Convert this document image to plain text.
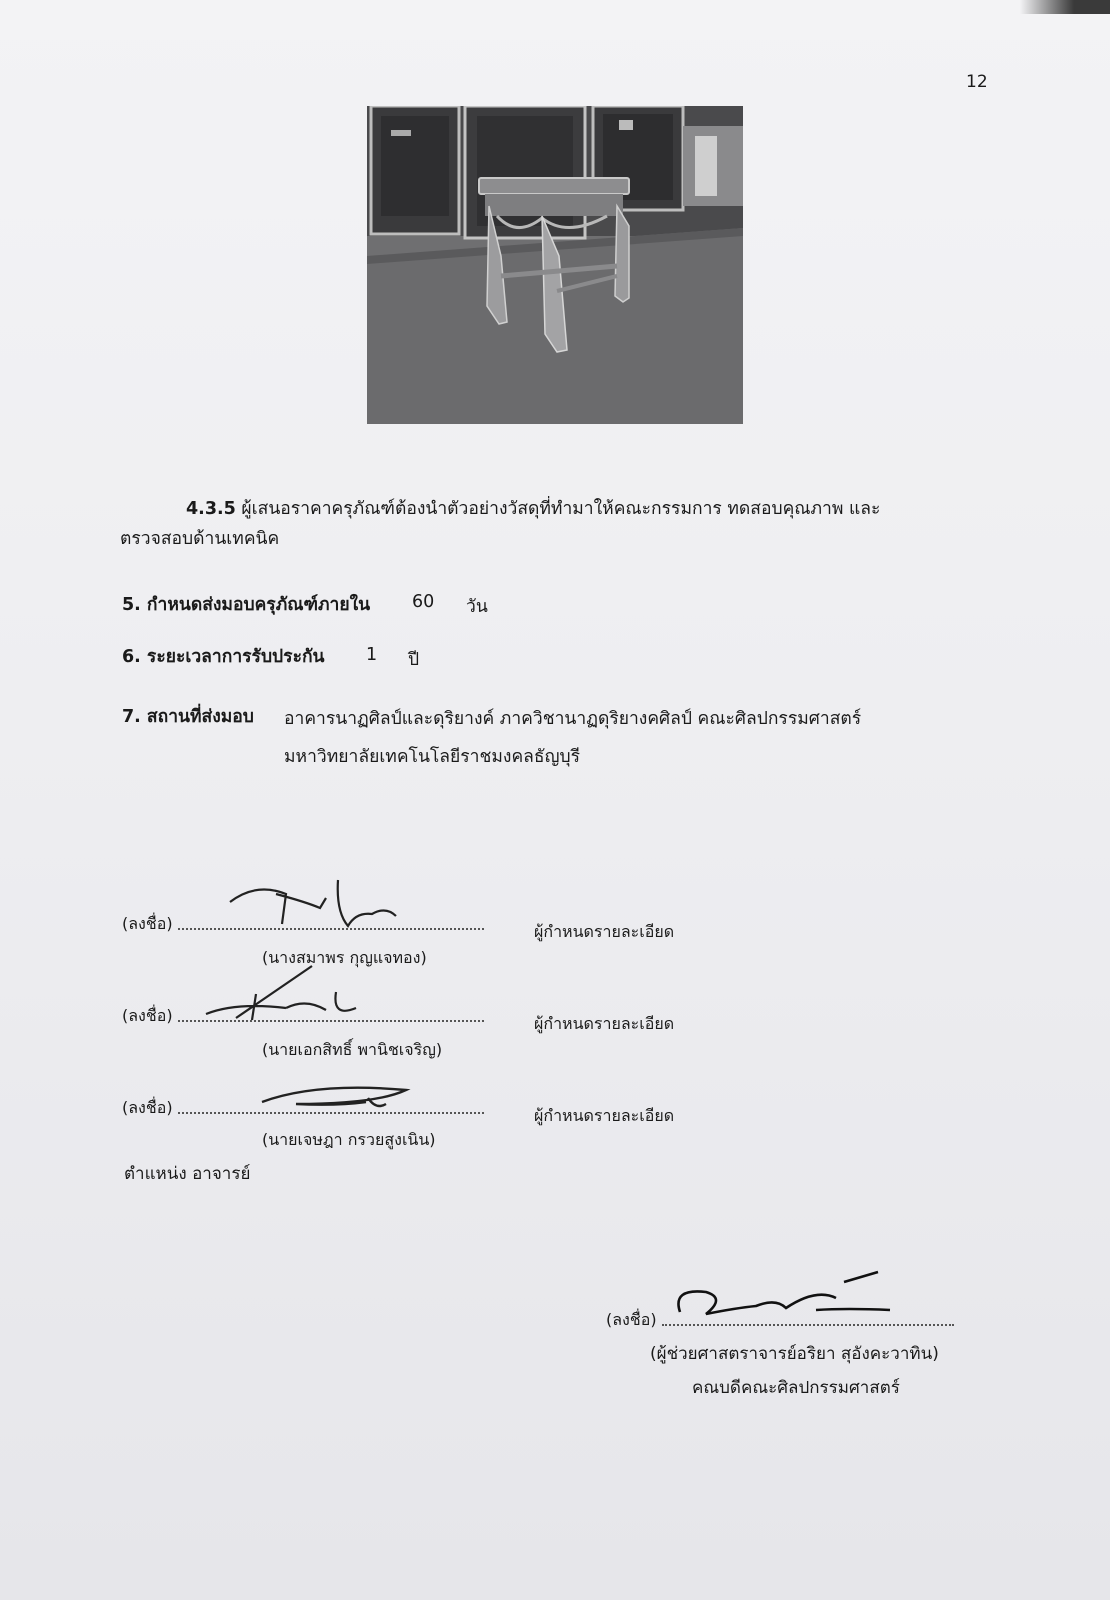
12
4.3.5 ผู้เสนอราคาครุภัณฑ์ต้องนำตัวอย่างวัสดุที่ทำมาให้คณะกรรมการ ทดสอบคุณภาพ และ
ตรวจสอบด้านเทคนิค
5. กำหนดส่งมอบครุภัณฑ์ภายใน 60 วัน
6. ระยะเวลาการรับประกัน 1 ปี
7. สถานที่ส่งมอบ อาคารนาฏศิลป์และดุริยางค์ ภาควิชานาฏดุริยางคศิลป์ คณะศิลปกรรมศาสตร์
มหาวิทยาลัยเทคโนโลยีราชมงคลธัญบุรี
(ลงชื่อ)	ผู้กำหนดรายละเอียด
(นางสมาพร กุญแจทอง)
(ลงชื่อ)	ผู้กำหนดรายละเอียด
(นายเอกสิทธิ์ พานิชเจริญ)
(ลงชื่อ)	ผู้กำหนดรายละเอียด
(นายเจษฎา กรวยสูงเนิน)
ตำแหน่ง อาจารย์
(ลงชื่อ)
(ผู้ช่วยศาสตราจารย์อริยา สุอังคะวาทิน)
คณบดีคณะศิลปกรรมศาสตร์
